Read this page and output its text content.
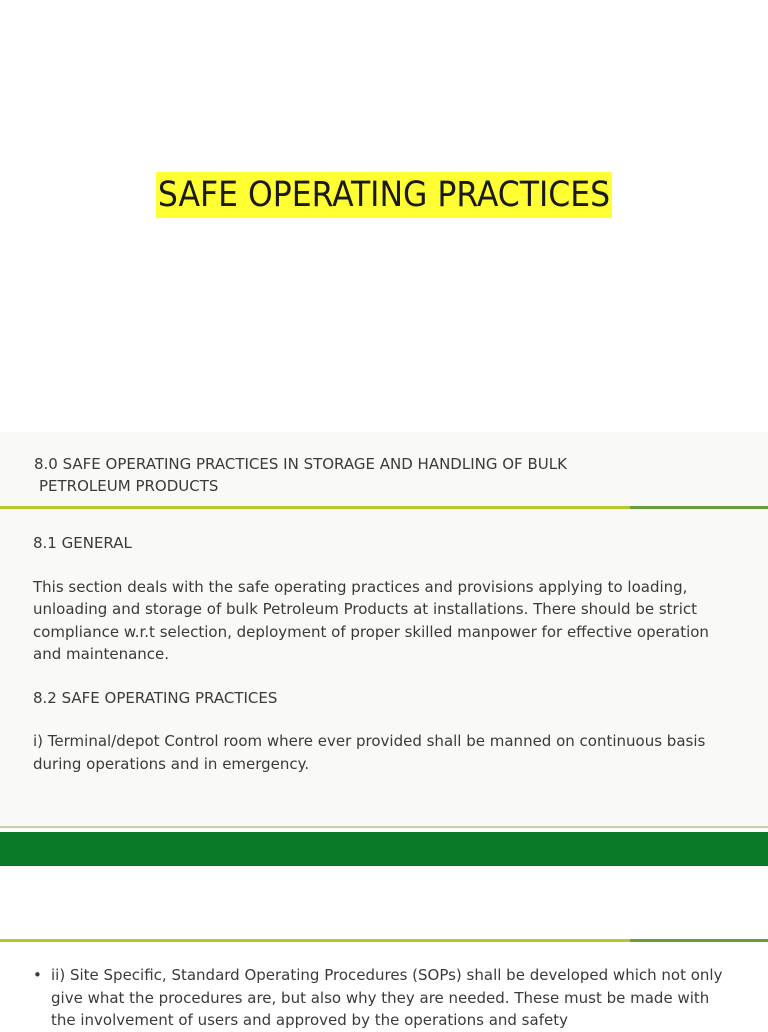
SAFE OPERATING PRACTICES
8.0 SAFE OPERATING PRACTICES IN STORAGE AND HANDLING OF BULK
PETROLEUM PRODUCTS

8.1 GENERAL

This section deals with the safe operating practices and provisions applying to loading, unloading and storage of bulk Petroleum Products at installations. There should be strict compliance w.r.t selection, deployment of proper skilled manpower for effective operation and maintenance.

8.2 SAFE OPERATING PRACTICES

i) Terminal/depot Control room where ever provided shall be manned on continuous basis during operations and in emergency.

• ii) Site Specific, Standard Operating Procedures (SOPs) shall be developed which not only give what the procedures are, but also why they are needed. These must be made with the involvement of users and approved by the operations and safety
